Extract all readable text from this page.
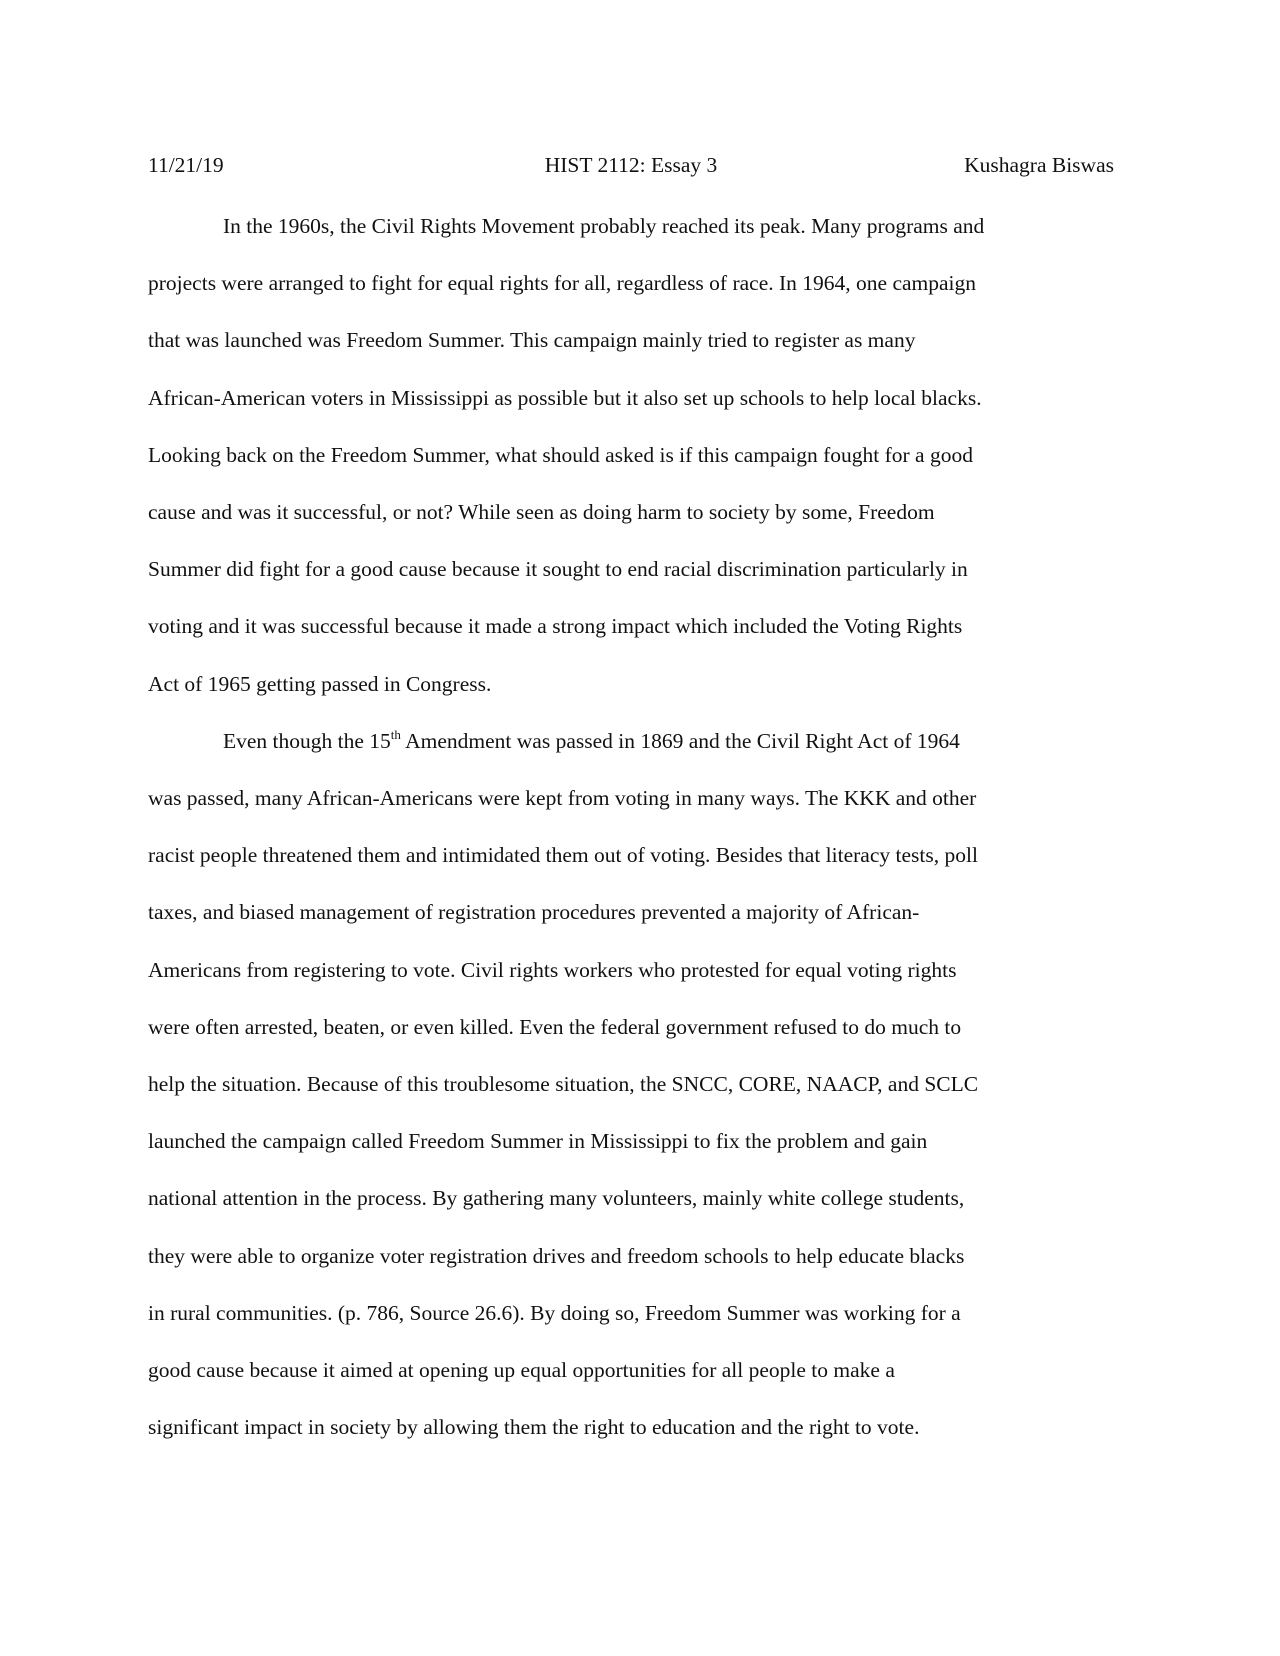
11/21/19	HIST 2112: Essay 3	Kushagra Biswas
In the 1960s, the Civil Rights Movement probably reached its peak. Many programs and
projects were arranged to fight for equal rights for all, regardless of race. In 1964, one campaign
that was launched was Freedom Summer. This campaign mainly tried to register as many
African-American voters in Mississippi as possible but it also set up schools to help local blacks.
Looking back on the Freedom Summer, what should asked is if this campaign fought for a good
cause and was it successful, or not? While seen as doing harm to society by some, Freedom
Summer did fight for a good cause because it sought to end racial discrimination particularly in
voting and it was successful because it made a strong impact which included the Voting Rights
Act of 1965 getting passed in Congress.
Even though the 15th Amendment was passed in 1869 and the Civil Right Act of 1964
was passed, many African-Americans were kept from voting in many ways. The KKK and other
racist people threatened them and intimidated them out of voting. Besides that literacy tests, poll
taxes, and biased management of registration procedures prevented a majority of African-
Americans from registering to vote. Civil rights workers who protested for equal voting rights
were often arrested, beaten, or even killed. Even the federal government refused to do much to
help the situation. Because of this troublesome situation, the SNCC, CORE, NAACP, and SCLC
launched the campaign called Freedom Summer in Mississippi to fix the problem and gain
national attention in the process. By gathering many volunteers, mainly white college students,
they were able to organize voter registration drives and freedom schools to help educate blacks
in rural communities. (p. 786, Source 26.6). By doing so, Freedom Summer was working for a
good cause because it aimed at opening up equal opportunities for all people to make a
significant impact in society by allowing them the right to education and the right to vote.
